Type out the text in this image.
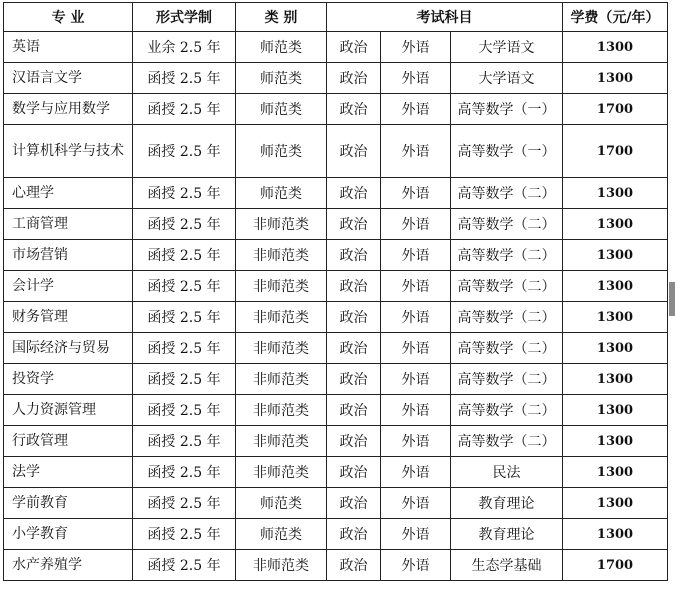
专 业	形式学制	类 别	考试科目			学费（元/年）
英语	业余 2.5 年	师范类	政治	外语	大学语文	1300
汉语言文学	函授 2.5 年	师范类	政治	外语	大学语文	1300
数学与应用数学	函授 2.5 年	师范类	政治	外语	高等数学（一）	1700
计算机科学与技术	函授 2.5 年	师范类	政治	外语	高等数学（一）	1700
心理学	函授 2.5 年	师范类	政治	外语	高等数学（二）	1300
工商管理	函授 2.5 年	非师范类	政治	外语	高等数学（二）	1300
市场营销	函授 2.5 年	非师范类	政治	外语	高等数学（二）	1300
会计学	函授 2.5 年	非师范类	政治	外语	高等数学（二）	1300
财务管理	函授 2.5 年	非师范类	政治	外语	高等数学（二）	1300
国际经济与贸易	函授 2.5 年	非师范类	政治	外语	高等数学（二）	1300
投资学	函授 2.5 年	非师范类	政治	外语	高等数学（二）	1300
人力资源管理	函授 2.5 年	非师范类	政治	外语	高等数学（二）	1300
行政管理	函授 2.5 年	非师范类	政治	外语	高等数学（二）	1300
法学	函授 2.5 年	非师范类	政治	外语	民法	1300
学前教育	函授 2.5 年	师范类	政治	外语	教育理论	1300
小学教育	函授 2.5 年	师范类	政治	外语	教育理论	1300
水产养殖学	函授 2.5 年	非师范类	政治	外语	生态学基础	1700
